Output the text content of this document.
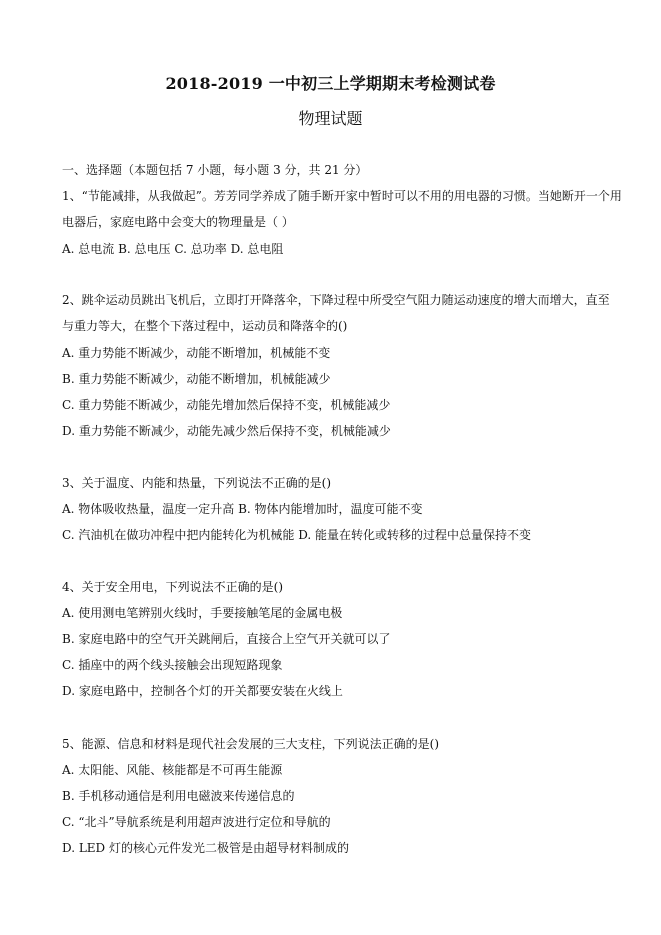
2018-2019 一中初三上学期期末考检测试卷
物理试题
一、选择题（本题包括 7 小题，每小题 3 分，共 21 分）
1、“节能减排，从我做起”。芳芳同学养成了随手断开家中暂时可以不用的用电器的习惯。当她断开一个用
电器后，家庭电路中会变大的物理量是（ ）
A. 总电流 B. 总电压 C. 总功率 D. 总电阻
2、跳伞运动员跳出飞机后，立即打开降落伞，下降过程中所受空气阻力随运动速度的增大而增大，直至
与重力等大，在整个下落过程中，运动员和降落伞的()
A. 重力势能不断减少，动能不断增加，机械能不变
B. 重力势能不断减少，动能不断增加，机械能减少
C. 重力势能不断减少，动能先增加然后保持不变，机械能减少
D. 重力势能不断减少，动能先减少然后保持不变，机械能减少
3、关于温度、内能和热量，下列说法不正确的是()
A. 物体吸收热量，温度一定升高 B. 物体内能增加时，温度可能不变
C. 汽油机在做功冲程中把内能转化为机械能 D. 能量在转化或转移的过程中总量保持不变
4、关于安全用电，下列说法不正确的是()
A. 使用测电笔辨别火线时，手要接触笔尾的金属电极
B. 家庭电路中的空气开关跳闸后，直接合上空气开关就可以了
C. 插座中的两个线头接触会出现短路现象
D. 家庭电路中，控制各个灯的开关都要安装在火线上
5、能源、信息和材料是现代社会发展的三大支柱，下列说法正确的是()
A. 太阳能、风能、核能都是不可再生能源
B. 手机移动通信是利用电磁波来传递信息的
C. “北斗”导航系统是利用超声波进行定位和导航的
D. LED 灯的核心元件发光二极管是由超导材料制成的
